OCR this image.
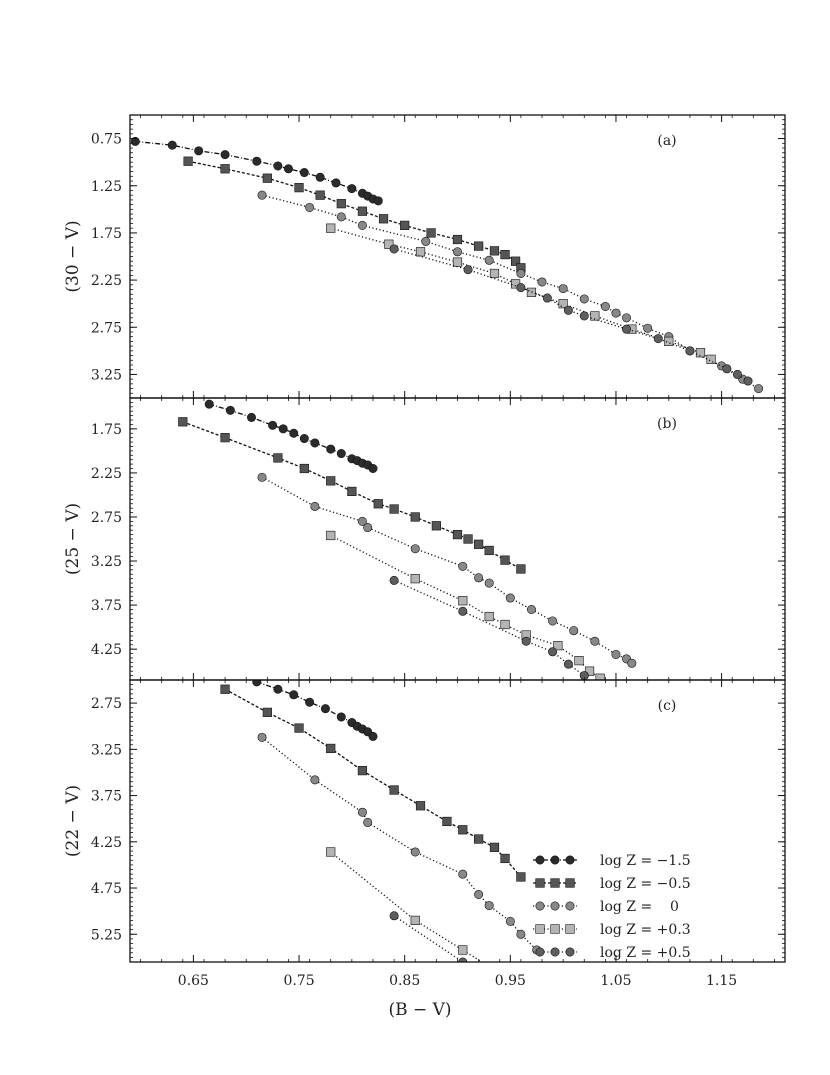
0.75
1.25
1.75
2.25
2.75
3.25
(a)
(30 − V)
1.75
2.25
2.75
3.25
3.75
4.25
(b)
(25 − V)
2.75
3.25
3.75
4.25
4.75
5.25
(c)
(22 − V)
(B − V)
0.65	0.75	0.85	0.95	1.05	1.15
log Z = −1.5
log Z = −0.5
log Z =    0
log Z = +0.3
log Z = +0.5
